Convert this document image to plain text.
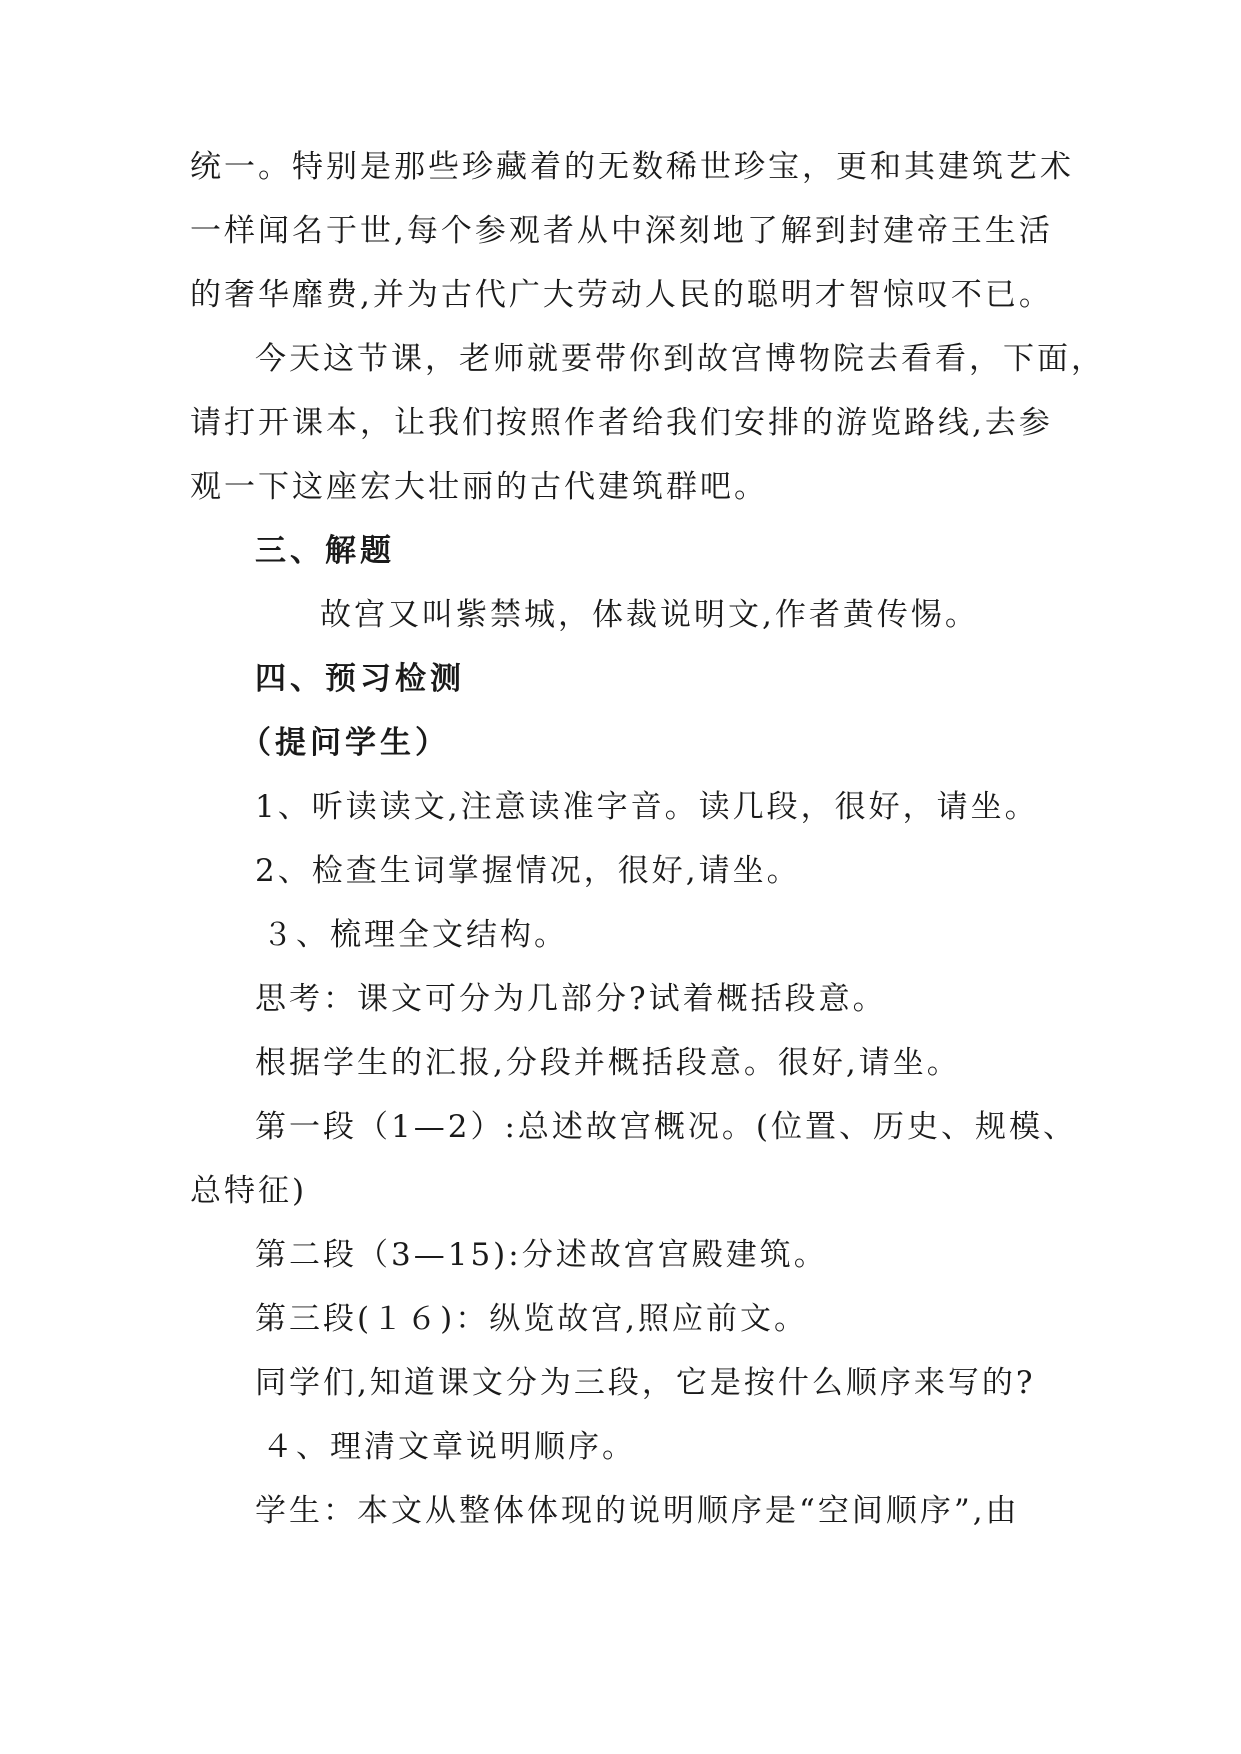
统一。特别是那些珍藏着的无数稀世珍宝，更和其建筑艺术
一样闻名于世,每个参观者从中深刻地了解到封建帝王生活
的奢华靡费,并为古代广大劳动人民的聪明才智惊叹不已。
今天这节课，老师就要带你到故宫博物院去看看，下面，
请打开课本，让我们按照作者给我们安排的游览路线,去参
观一下这座宏大壮丽的古代建筑群吧。
三、解题
故宫又叫紫禁城，体裁说明文,作者黄传惕。
四、预习检测
（提问学生）
1、听读读文,注意读准字音。读几段，很好，请坐。
2、检查生词掌握情况，很好,请坐。
３、梳理全文结构。
思考：课文可分为几部分?试着概括段意。
根据学生的汇报,分段并概括段意。很好,请坐。
第一段（1—2）:总述故宫概况。(位置、历史、规模、
总特征)
第二段（3—15):分述故宫宫殿建筑。
第三段(１６)：纵览故宫,照应前文。
同学们,知道课文分为三段，它是按什么顺序来写的?
４、理清文章说明顺序。
学生：本文从整体体现的说明顺序是“空间顺序”,由
